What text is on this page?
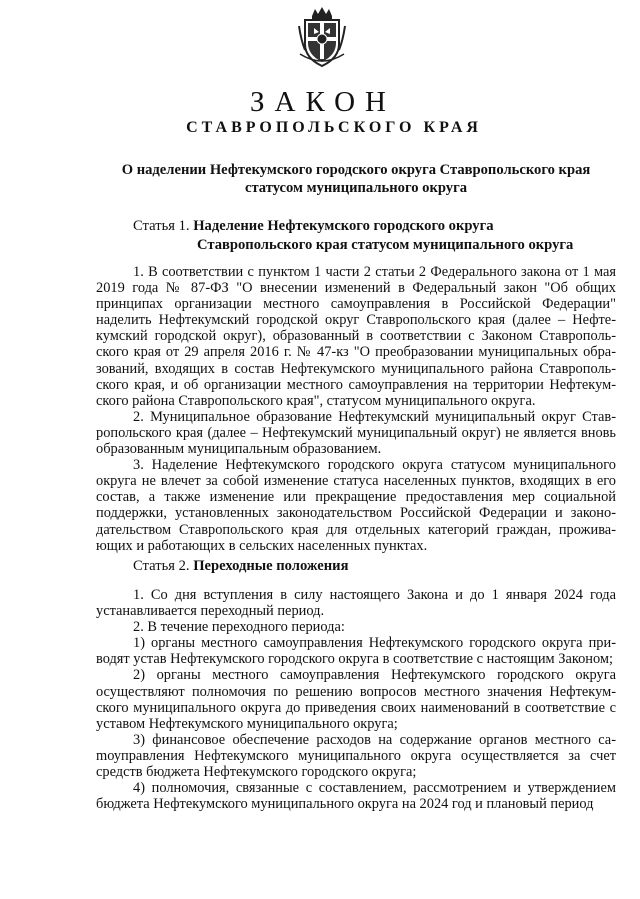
ЗАКОН
СТАВРОПОЛЬСКОГО КРАЯ
О наделении Нефтекумского городского округа Ставропольского края статусом муниципального округа
Статья 1. Наделение Нефтекумского городского округа
Ставропольского края статусом муниципального округа

1. В соответствии с пунктом 1 части 2 статьи 2 Федерального закона от 1 мая 2019 года № 87-ФЗ "О внесении изменений в Федеральный закон "Об общих принципах организации местного самоуправления в Российской Федерации" наделить Нефтекумский городской округ Ставропольского края (далее – Нефтекумский городской округ), образованный в соответствии с Законом Ставропольского края от 29 апреля 2016 г. № 47-кз "О преобразовании муниципальных образований, входящих в состав Нефтекумского муниципального района Ставропольского края, и об организации местного самоуправления на территории Нефтекумского района Ставропольского края", статусом муниципального округа.

2. Муниципальное образование Нефтекумский муниципальный округ Ставропольского края (далее – Нефтекумский муниципальный округ) не является вновь образованным муниципальным образованием.

3. Наделение Нефтекумского городского округа статусом муниципального округа не влечет за собой изменение статуса населенных пунктов, входящих в его состав, а также изменение или прекращение предоставления мер социальной поддержки, установленных законодательством Российской Федерации и законодательством Ставропольского края для отдельных категорий граждан, проживающих и работающих в сельских населенных пунктах.

Статья 2. Переходные положения

1. Со дня вступления в силу настоящего Закона и до 1 января 2024 года устанавливается переходный период.

2. В течение переходного периода:

1) органы местного самоуправления Нефтекумского городского округа приводят устав Нефтекумского городского округа в соответствие с настоящим Законом;

2) органы местного самоуправления Нефтекумского городского округа осуществляют полномочия по решению вопросов местного значения Нефтекумского муниципального округа до приведения своих наименований в соответствие с уставом Нефтекумского муниципального округа;

3) финансовое обеспечение расходов на содержание органов местного саmоуправления Нефтекумского муниципального округа осуществляется за счет средств бюджета Нефтекумского городского округа;

4) полномочия, связанные с составлением, рассмотрением и утверждением бюджета Нефтекумского муниципального округа на 2024 год и плановый период
